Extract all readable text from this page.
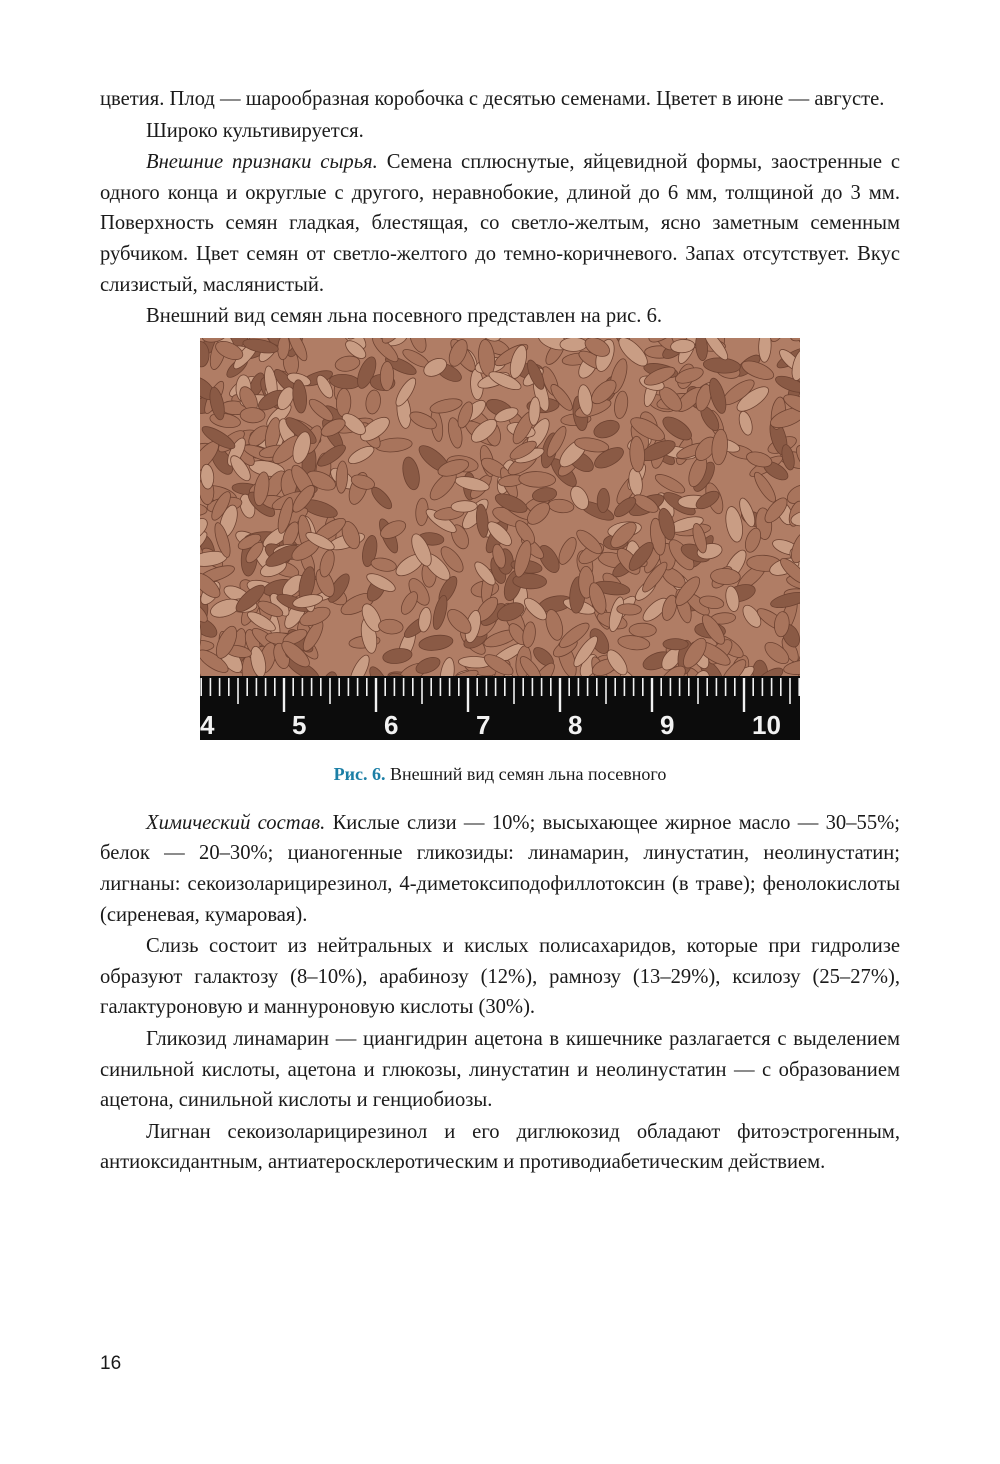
цветия. Плод — шарообразная коробочка с десятью семенами. Цветет в июне — августе.

Широко культивируется.

Внешние признаки сырья. Семена сплюснутые, яйцевидной формы, заостренные с одного конца и округлые с другого, неравнобокие, длиной до 6 мм, толщиной до 3 мм. Поверхность семян гладкая, блестящая, со светло-желтым, ясно заметным семенным рубчиком. Цвет семян от светло-желтого до темно-коричневого. Запах отсутствует. Вкус слизистый, маслянистый.

Внешний вид семян льна посевного представлен на рис. 6.

4	5	6	7	8	9	10
Рис. 6. Внешний вид семян льна посевного

Химический состав. Кислые слизи — 10%; высыхающее жирное масло — 30–55%; белок — 20–30%; цианогенные гликозиды: линамарин, линустатин, неолинустатин; лигнаны: секоизоларицирезинол, 4-диметоксиподофиллотоксин (в траве); фенолокислоты (сиреневая, кумаровая).

Слизь состоит из нейтральных и кислых полисахаридов, которые при гидролизе образуют галактозу (8–10%), арабинозу (12%), рамнозу (13–29%), ксилозу (25–27%), галактуроновую и маннуроновую кислоты (30%).

Гликозид линамарин — циангидрин ацетона в кишечнике разлагается с выделением синильной кислоты, ацетона и глюкозы, линустатин и неолинустатин — с образованием ацетона, синильной кислоты и генциобиозы.

Лигнан секоизоларицирезинол и его диглюкозид обладают фитоэстрогенным, антиоксидантным, антиатеросклеротическим и противодиабетическим действием.

16
